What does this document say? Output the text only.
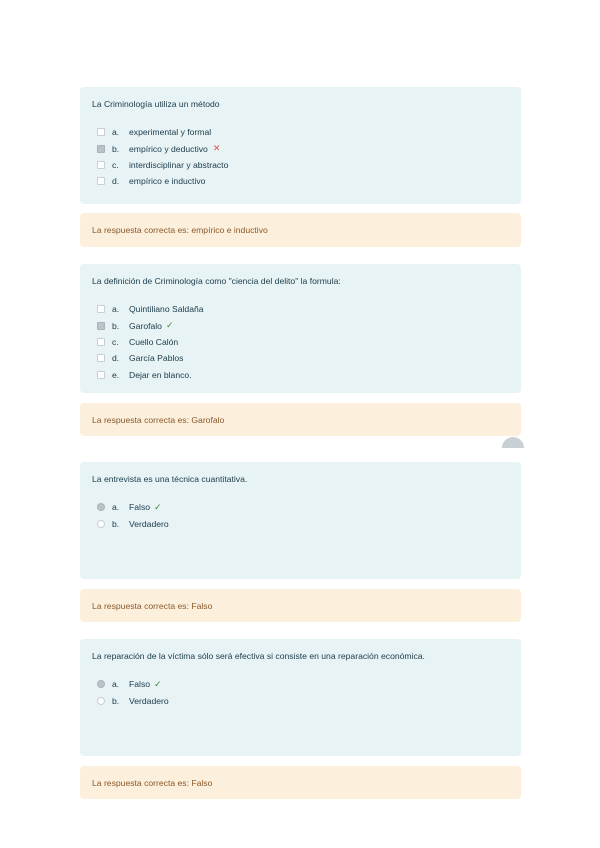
La Criminología utiliza un método
a.	experimental y formal
b.	empírico y deductivo ✕
c.	interdisciplinar y abstracto
d.	empírico e inductivo
La respuesta correcta es: empírico e inductivo
La definición de Criminología como "ciencia del delito" la formula:
a.	Quintiliano Saldaña
b.	Garofalo ✓
c.	Cuello Calón
d.	García Pablos
e.	Dejar en blanco.
La respuesta correcta es: Garofalo
La entrevista es una técnica cuantitativa.
a.	Falso ✓
b.	Verdadero
La respuesta correcta es: Falso
La reparación de la víctima sólo será efectiva si consiste en una reparación económica.
a.	Falso ✓
b.	Verdadero
La respuesta correcta es: Falso
